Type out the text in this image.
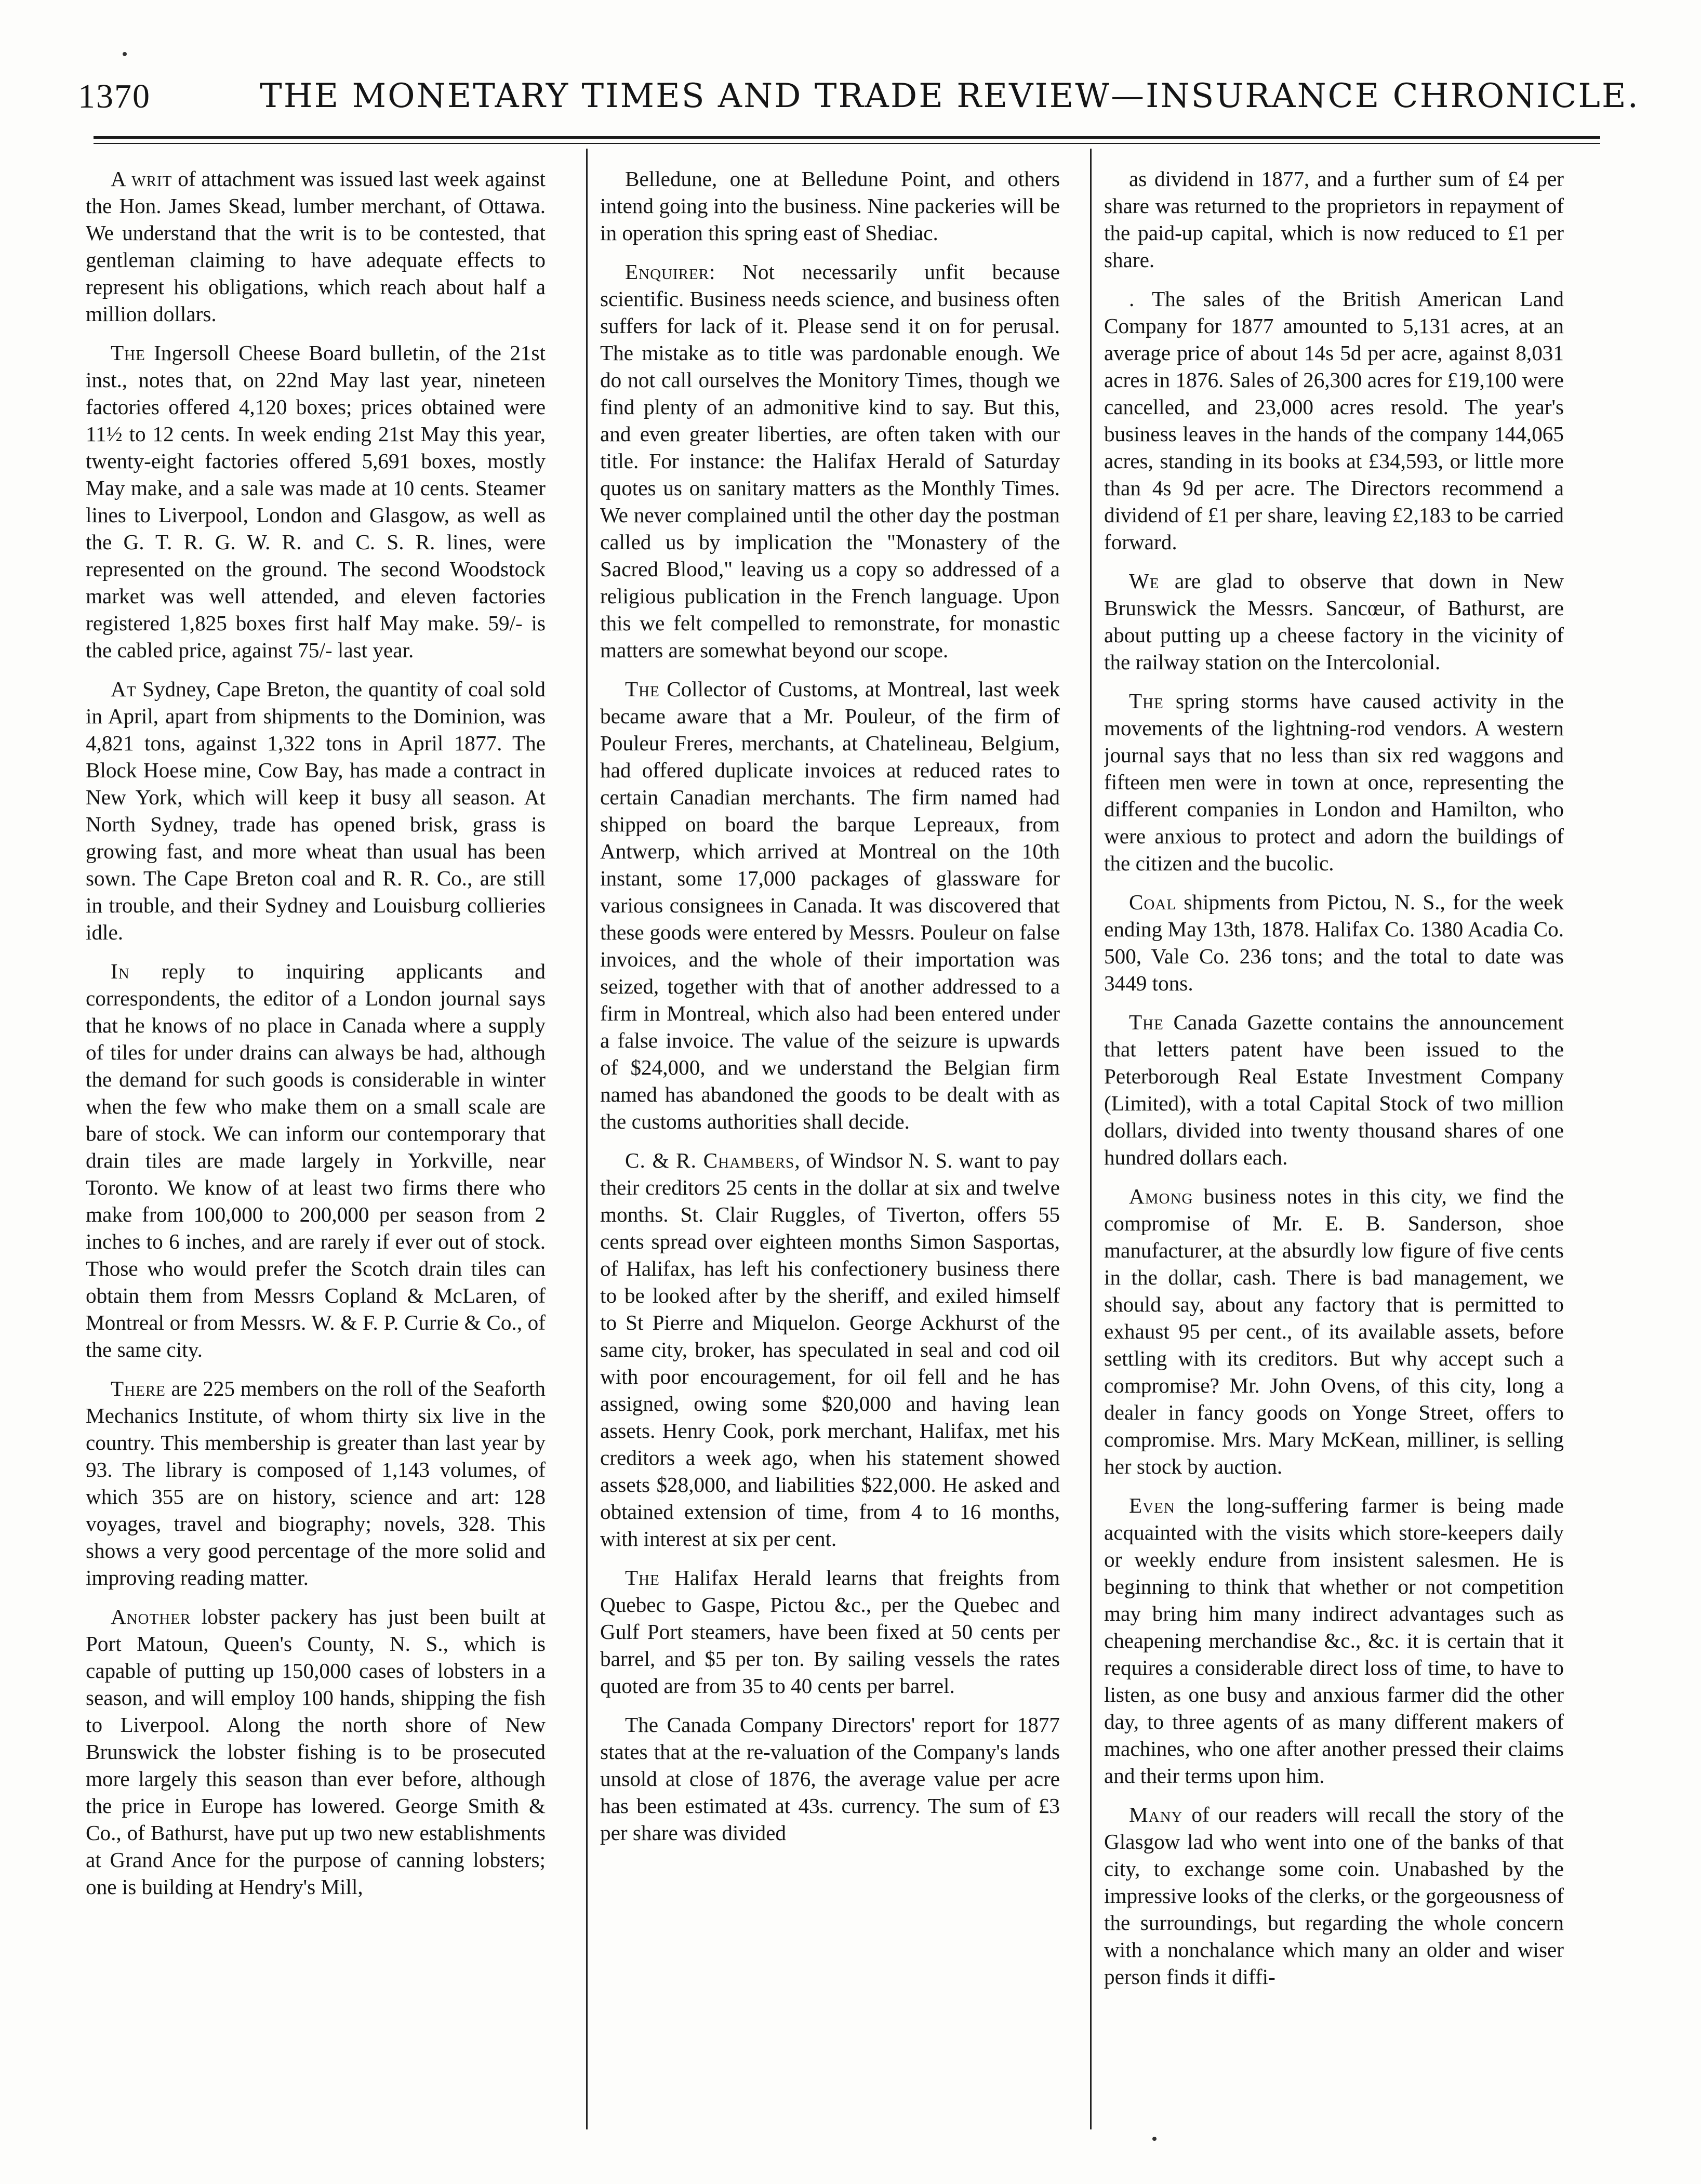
1370	THE MONETARY TIMES AND TRADE REVIEW—INSURANCE CHRONICLE.

A writ of attachment was issued last week against the Hon. James Skead, lumber merchant, of Ottawa. We understand that the writ is to be contested, that gentleman claiming to have adequate effects to represent his obligations, which reach about half a million dollars.

The Ingersoll Cheese Board bulletin, of the 21st inst., notes that, on 22nd May last year, nineteen factories offered 4,120 boxes; prices obtained were 11½ to 12 cents. In week ending 21st May this year, twenty-eight factories offered 5,691 boxes, mostly May make, and a sale was made at 10 cents. Steamer lines to Liverpool, London and Glasgow, as well as the G. T. R. G. W. R. and C. S. R. lines, were represented on the ground. The second Woodstock market was well attended, and eleven factories registered 1,825 boxes first half May make. 59/- is the cabled price, against 75/- last year.

At Sydney, Cape Breton, the quantity of coal sold in April, apart from shipments to the Dominion, was 4,821 tons, against 1,322 tons in April 1877. The Block Hoese mine, Cow Bay, has made a contract in New York, which will keep it busy all season. At North Sydney, trade has opened brisk, grass is growing fast, and more wheat than usual has been sown. The Cape Breton coal and R. R. Co., are still in trouble, and their Sydney and Louisburg collieries idle.

In reply to inquiring applicants and correspondents, the editor of a London journal says that he knows of no place in Canada where a supply of tiles for under drains can always be had, although the demand for such goods is considerable in winter when the few who make them on a small scale are bare of stock. We can inform our contemporary that drain tiles are made largely in Yorkville, near Toronto. We know of at least two firms there who make from 100,000 to 200,000 per season from 2 inches to 6 inches, and are rarely if ever out of stock. Those who would prefer the Scotch drain tiles can obtain them from Messrs Copland & McLaren, of Montreal or from Messrs. W. & F. P. Currie & Co., of the same city.

There are 225 members on the roll of the Seaforth Mechanics Institute, of whom thirty six live in the country. This membership is greater than last year by 93. The library is composed of 1,143 volumes, of which 355 are on history, science and art: 128 voyages, travel and biography; novels, 328. This shows a very good percentage of the more solid and improving reading matter.

Another lobster packery has just been built at Port Matoun, Queen's County, N. S., which is capable of putting up 150,000 cases of lobsters in a season, and will employ 100 hands, shipping the fish to Liverpool. Along the north shore of New Brunswick the lobster fishing is to be prosecuted more largely this season than ever before, although the price in Europe has lowered. George Smith & Co., of Bathurst, have put up two new establishments at Grand Ance for the purpose of canning lobsters; one is building at Hendry's Mill,

Belledune, one at Belledune Point, and others intend going into the business. Nine packeries will be in operation this spring east of Shediac.

Enquirer: Not necessarily unfit because scientific. Business needs science, and business often suffers for lack of it. Please send it on for perusal. The mistake as to title was pardonable enough. We do not call ourselves the Monitory Times, though we find plenty of an admonitive kind to say. But this, and even greater liberties, are often taken with our title. For instance: the Halifax Herald of Saturday quotes us on sanitary matters as the Monthly Times. We never complained until the other day the postman called us by implication the "Monastery of the Sacred Blood," leaving us a copy so addressed of a religious publication in the French language. Upon this we felt compelled to remonstrate, for monastic matters are somewhat beyond our scope.

The Collector of Customs, at Montreal, last week became aware that a Mr. Pouleur, of the firm of Pouleur Freres, merchants, at Chatelineau, Belgium, had offered duplicate invoices at reduced rates to certain Canadian merchants. The firm named had shipped on board the barque Lepreaux, from Antwerp, which arrived at Montreal on the 10th instant, some 17,000 packages of glassware for various consignees in Canada. It was discovered that these goods were entered by Messrs. Pouleur on false invoices, and the whole of their importation was seized, together with that of another addressed to a firm in Montreal, which also had been entered under a false invoice. The value of the seizure is upwards of $24,000, and we understand the Belgian firm named has abandoned the goods to be dealt with as the customs authorities shall decide.

C. & R. Chambers, of Windsor N. S. want to pay their creditors 25 cents in the dollar at six and twelve months. St. Clair Ruggles, of Tiverton, offers 55 cents spread over eighteen months Simon Sasportas, of Halifax, has left his confectionery business there to be looked after by the sheriff, and exiled himself to St Pierre and Miquelon. George Ackhurst of the same city, broker, has speculated in seal and cod oil with poor encouragement, for oil fell and he has assigned, owing some $20,000 and having lean assets. Henry Cook, pork merchant, Halifax, met his creditors a week ago, when his statement showed assets $28,000, and liabilities $22,000. He asked and obtained extension of time, from 4 to 16 months, with interest at six per cent.

The Halifax Herald learns that freights from Quebec to Gaspe, Pictou &c., per the Quebec and Gulf Port steamers, have been fixed at 50 cents per barrel, and $5 per ton. By sailing vessels the rates quoted are from 35 to 40 cents per barrel.

The Canada Company Directors' report for 1877 states that at the re-valuation of the Company's lands unsold at close of 1876, the average value per acre has been estimated at 43s. currency. The sum of £3 per share was divided

as dividend in 1877, and a further sum of £4 per share was returned to the proprietors in repayment of the paid-up capital, which is now reduced to £1 per share.

. The sales of the British American Land Company for 1877 amounted to 5,131 acres, at an average price of about 14s 5d per acre, against 8,031 acres in 1876. Sales of 26,300 acres for £19,100 were cancelled, and 23,000 acres resold. The year's business leaves in the hands of the company 144,065 acres, standing in its books at £34,593, or little more than 4s 9d per acre. The Directors recommend a dividend of £1 per share, leaving £2,183 to be carried forward.

We are glad to observe that down in New Brunswick the Messrs. Sancœur, of Bathurst, are about putting up a cheese factory in the vicinity of the railway station on the Intercolonial.

The spring storms have caused activity in the movements of the lightning-rod vendors. A western journal says that no less than six red waggons and fifteen men were in town at once, representing the different companies in London and Hamilton, who were anxious to protect and adorn the buildings of the citizen and the bucolic.

Coal shipments from Pictou, N. S., for the week ending May 13th, 1878. Halifax Co. 1380 Acadia Co. 500, Vale Co. 236 tons; and the total to date was 3449 tons.

The Canada Gazette contains the announcement that letters patent have been issued to the Peterborough Real Estate Investment Company (Limited), with a total Capital Stock of two million dollars, divided into twenty thousand shares of one hundred dollars each.

Among business notes in this city, we find the compromise of Mr. E. B. Sanderson, shoe manufacturer, at the absurdly low figure of five cents in the dollar, cash. There is bad management, we should say, about any factory that is permitted to exhaust 95 per cent., of its available assets, before settling with its creditors. But why accept such a compromise? Mr. John Ovens, of this city, long a dealer in fancy goods on Yonge Street, offers to compromise. Mrs. Mary McKean, milliner, is selling her stock by auction.

Even the long-suffering farmer is being made acquainted with the visits which store-keepers daily or weekly endure from insistent salesmen. He is beginning to think that whether or not competition may bring him many indirect advantages such as cheapening merchandise &c., &c. it is certain that it requires a considerable direct loss of time, to have to listen, as one busy and anxious farmer did the other day, to three agents of as many different makers of machines, who one after another pressed their claims and their terms upon him.

Many of our readers will recall the story of the Glasgow lad who went into one of the banks of that city, to exchange some coin. Unabashed by the impressive looks of the clerks, or the gorgeousness of the surroundings, but regarding the whole concern with a nonchalance which many an older and wiser person finds it diffi-
